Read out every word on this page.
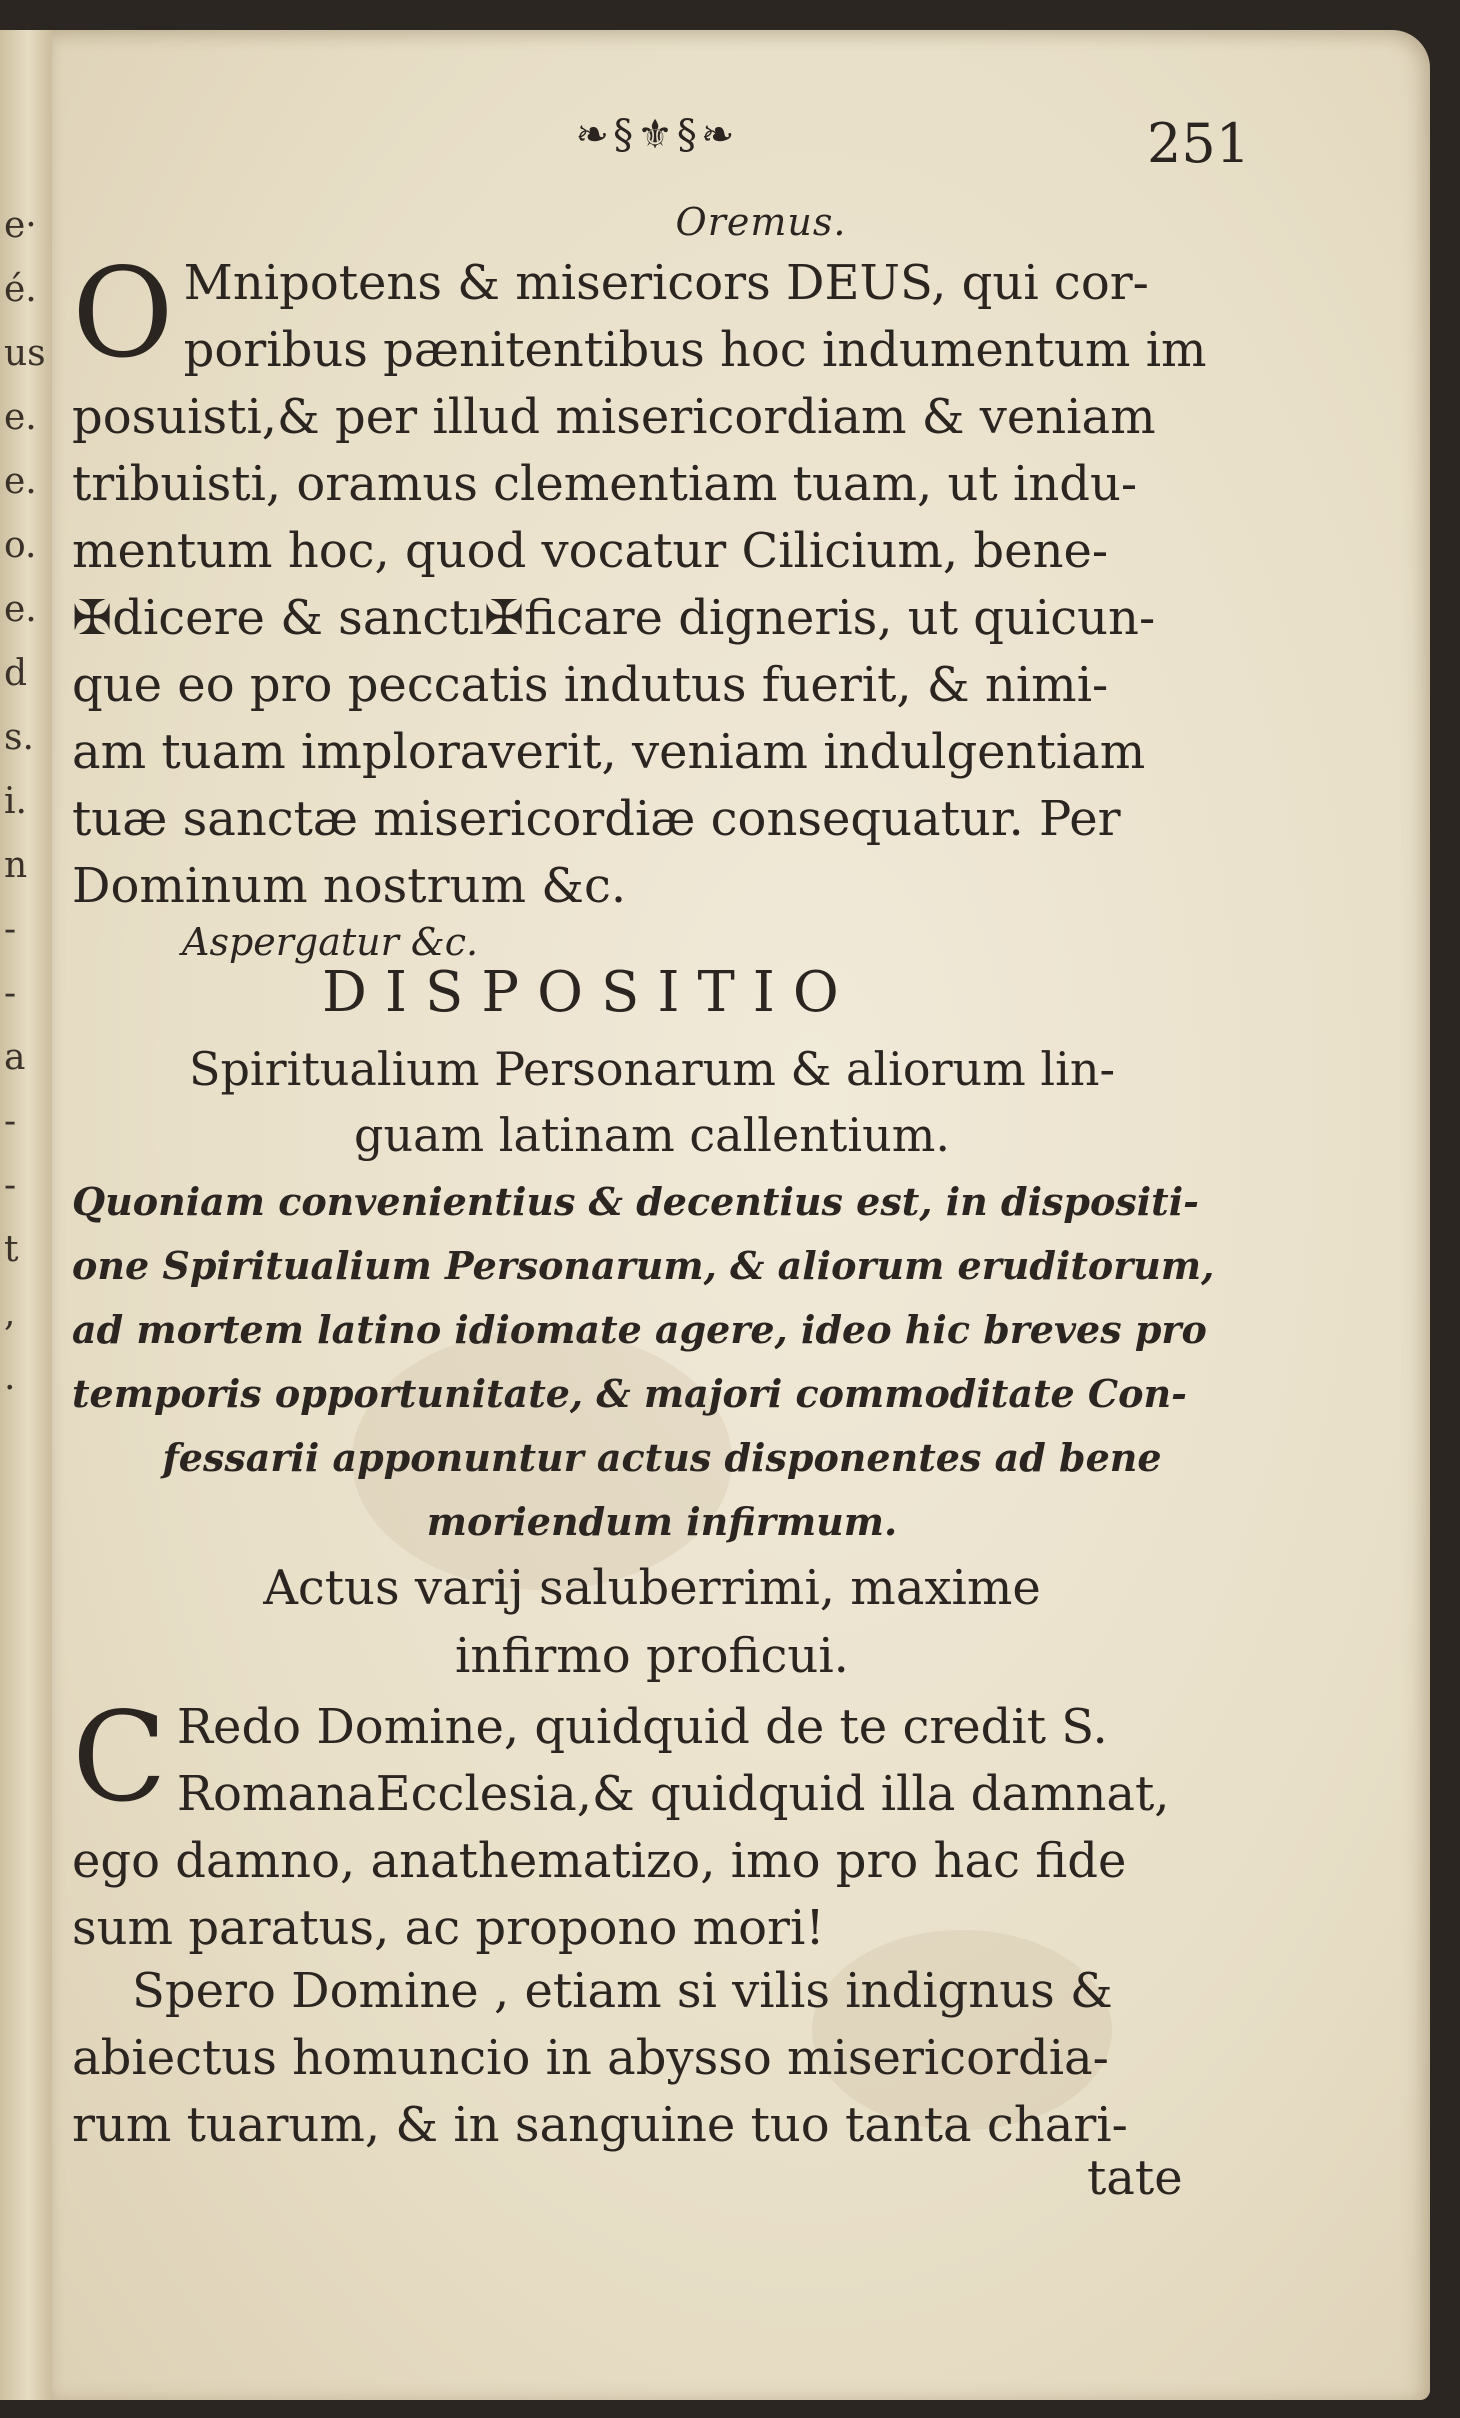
e·
é.
us
e.
e.
o.
e.
d
s.
i.
n
-
-
a
-
-
t
,
.
❧§⚜§❧	251
Oremus.
O Mnipotens & misericors DEUS, qui cor-
poribus pænitentibus hoc indumentum im
posuisti,& per illud misericordiam & veniam
tribuisti, oramus clementiam tuam, ut indu-
mentum hoc, quod vocatur Cilicium, bene-
✠dicere & sanctı✠ficare digneris, ut quicun-
que eo pro peccatis indutus fuerit, & nimi-
am tuam imploraverit, veniam indulgentiam
tuæ sanctæ misericordiæ consequatur. Per
Dominum nostrum &c.
Aspergatur &c.
DISPOSITIO
Spiritualium Personarum & aliorum lin-
guam latinam callentium.
Quoniam convenientius & decentius est, in dispositi-
one Spiritualium Personarum, & aliorum eruditorum,
ad mortem latino idiomate agere, ideo hic breves pro
temporis opportunitate, & majori commoditate Con-
fessarii apponuntur actus disponentes ad bene
moriendum infirmum.
Actus varij saluberrimi, maxime
infirmo proficui.
C Redo Domine, quidquid de te credit S.
RomanaEcclesia,& quidquid illa damnat,
ego damno, anathematizo, imo pro hac fide
sum paratus, ac propono mori!
Spero Domine , etiam si vilis indignus &
abiectus homuncio in abysso misericordia-
rum tuarum, & in sanguine tuo tanta chari-
tate
